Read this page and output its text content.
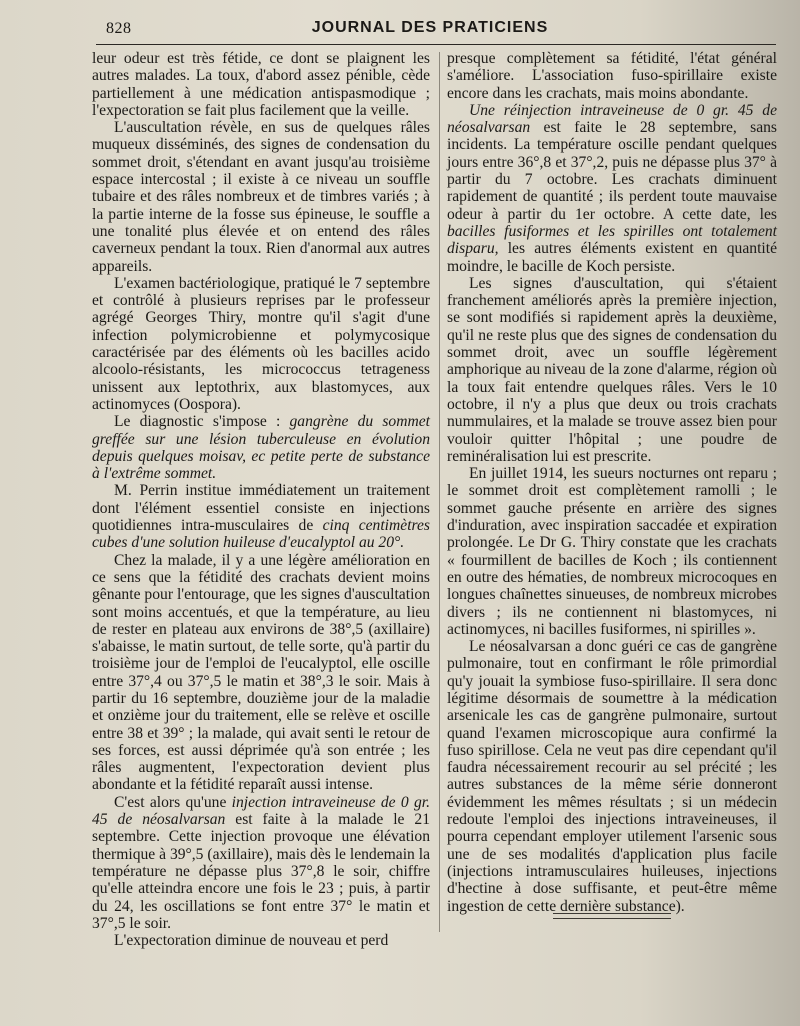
828	JOURNAL DES PRATICIENS

leur odeur est très fétide, ce dont se plaignent les autres malades. La toux, d'abord assez pénible, cède partiellement à une médication antispasmodique ; l'expectoration se fait plus facilement que la veille.

L'auscultation révèle, en sus de quelques râles muqueux disséminés, des signes de condensation du sommet droit, s'étendant en avant jusqu'au troisième espace intercostal ; il existe à ce niveau un souffle tubaire et des râles nombreux et de timbres variés ; à la partie interne de la fosse sus épineuse, le souffle a une tonalité plus élevée et on entend des râles caverneux pendant la toux. Rien d'anormal aux autres appareils.

L'examen bactériologique, pratiqué le 7 septembre et contrôlé à plusieurs reprises par le professeur agrégé Georges Thiry, montre qu'il s'agit d'une infection polymicrobienne et polymycosique caractérisée par des éléments où les bacilles acido alcoolo-résistants, les micrococcus tetrageness unissent aux leptothrix, aux blastomyces, aux actinomyces (Oospora).

Le diagnostic s'impose : gangrène du sommet greffée sur une lésion tuberculeuse en évolution depuis quelques moisav, ec petite perte de substance à l'extrême sommet.

M. Perrin institue immédiatement un traitement dont l'élément essentiel consiste en injections quotidiennes intra-musculaires de cinq centimètres cubes d'une solution huileuse d'eucalyptol au 20°.

Chez la malade, il y a une légère amélioration en ce sens que la fétidité des crachats devient moins gênante pour l'entourage, que les signes d'auscultation sont moins accentués, et que la température, au lieu de rester en plateau aux environs de 38°,5 (axillaire) s'abaisse, le matin surtout, de telle sorte, qu'à partir du troisième jour de l'emploi de l'eucalyptol, elle oscille entre 37°,4 ou 37°,5 le matin et 38°,3 le soir. Mais à partir du 16 septembre, douzième jour de la maladie et onzième jour du traitement, elle se relève et oscille entre 38 et 39° ; la malade, qui avait senti le retour de ses forces, est aussi déprimée qu'à son entrée ; les râles augmentent, l'expectoration devient plus abondante et la fétidité reparaît aussi intense.

C'est alors qu'une injection intraveineuse de 0 gr. 45 de néosalvarsan est faite à la malade le 21 septembre. Cette injection provoque une élévation thermique à 39°,5 (axillaire), mais dès le lendemain la température ne dépasse plus 37°,8 le soir, chiffre qu'elle atteindra encore une fois le 23 ; puis, à partir du 24, les oscillations se font entre 37° le matin et 37°,5 le soir.

L'expectoration diminue de nouveau et perd

presque complètement sa fétidité, l'état général s'améliore. L'association fuso-spirillaire existe encore dans les crachats, mais moins abondante.

Une réinjection intraveineuse de 0 gr. 45 de néosalvarsan est faite le 28 septembre, sans incidents. La température oscille pendant quelques jours entre 36°,8 et 37°,2, puis ne dépasse plus 37° à partir du 7 octobre. Les crachats diminuent rapidement de quantité ; ils perdent toute mauvaise odeur à partir du 1er octobre. A cette date, les bacilles fusiformes et les spirilles ont totalement disparu, les autres éléments existent en quantité moindre, le bacille de Koch persiste.

Les signes d'auscultation, qui s'étaient franchement améliorés après la première injection, se sont modifiés si rapidement après la deuxième, qu'il ne reste plus que des signes de condensation du sommet droit, avec un souffle légèrement amphorique au niveau de la zone d'alarme, région où la toux fait entendre quelques râles. Vers le 10 octobre, il n'y a plus que deux ou trois crachats nummulaires, et la malade se trouve assez bien pour vouloir quitter l'hôpital ; une poudre de reminéralisation lui est prescrite.

En juillet 1914, les sueurs nocturnes ont reparu ; le sommet droit est complètement ramolli ; le sommet gauche présente en arrière des signes d'induration, avec inspiration saccadée et expiration prolongée. Le Dr G. Thiry constate que les crachats « fourmillent de bacilles de Koch ; ils contiennent en outre des hématies, de nombreux microcoques en longues chaînettes sinueuses, de nombreux microbes divers ; ils ne contiennent ni blastomyces, ni actinomyces, ni bacilles fusiformes, ni spirilles ».

Le néosalvarsan a donc guéri ce cas de gangrène pulmonaire, tout en confirmant le rôle primordial qu'y jouait la symbiose fuso-spirillaire. Il sera donc légitime désormais de soumettre à la médication arsenicale les cas de gangrène pulmonaire, surtout quand l'examen microscopique aura confirmé la fuso spirillose. Cela ne veut pas dire cependant qu'il faudra nécessairement recourir au sel précité ; les autres substances de la même série donneront évidemment les mêmes résultats ; si un médecin redoute l'emploi des injections intraveineuses, il pourra cependant employer utilement l'arsenic sous une de ses modalités d'application plus facile (injections intramusculaires huileuses, injections d'hectine à dose suffisante, et peut-être même ingestion de cette dernière substance).
